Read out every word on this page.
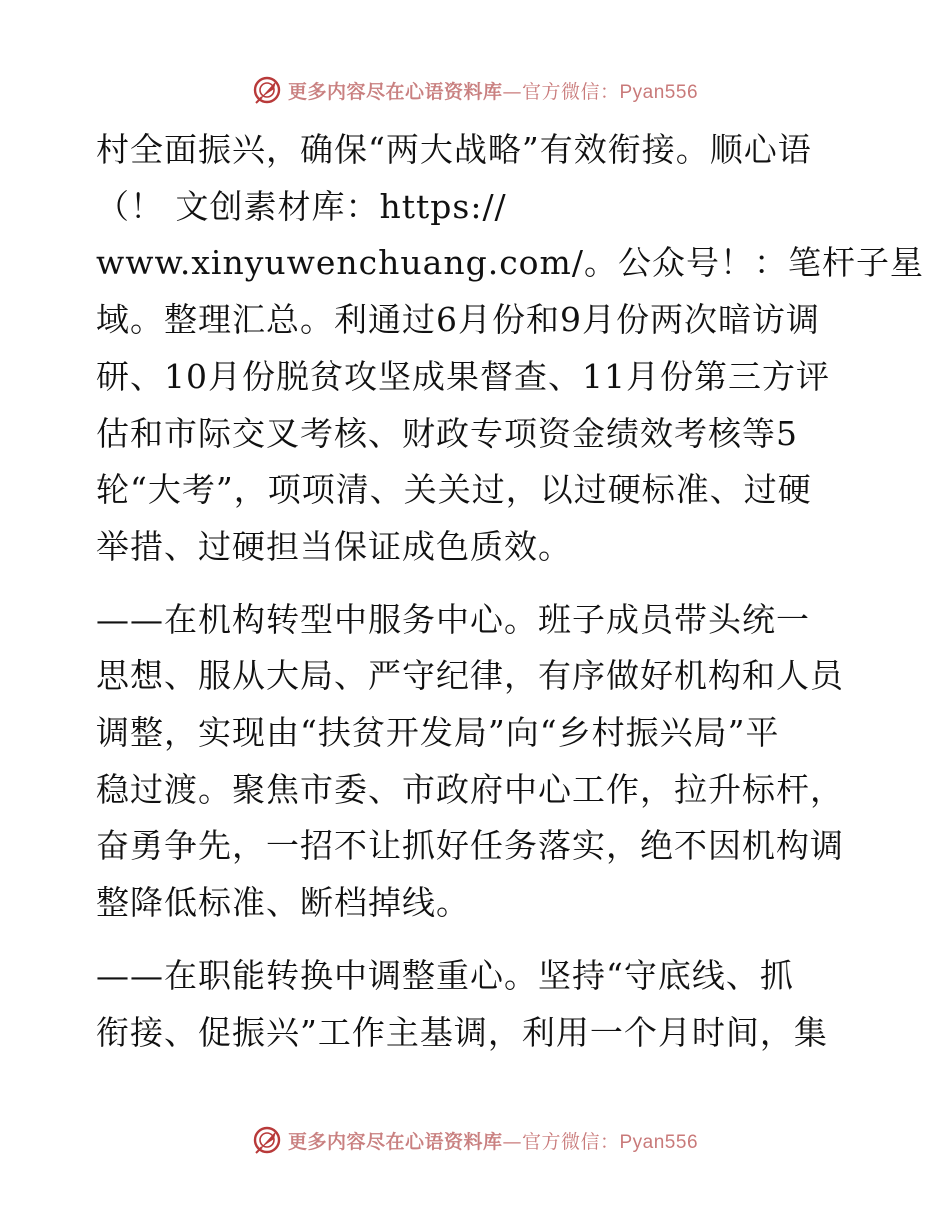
更多内容尽在心语资料库—官方微信：Pyan556

村全面振兴，确保“两大战略”有效衔接。顺心语
（！ 文创素材库：https://
www.xinyuwenchuang.com/。公众号！：笔杆子星
域。整理汇总。利通过6月份和9月份两次暗访调
研、10月份脱贫攻坚成果督查、11月份第三方评
估和市际交叉考核、财政专项资金绩效考核等5
轮“大考”，项项清、关关过，以过硬标准、过硬
举措、过硬担当保证成色质效。

——在机构转型中服务中心。班子成员带头统一
思想、服从大局、严守纪律，有序做好机构和人员
调整，实现由“扶贫开发局”向“乡村振兴局”平
稳过渡。聚焦市委、市政府中心工作，拉升标杆，
奋勇争先，一招不让抓好任务落实，绝不因机构调
整降低标准、断档掉线。

——在职能转换中调整重心。坚持“守底线、抓
衔接、促振兴”工作主基调，利用一个月时间，集

更多内容尽在心语资料库—官方微信：Pyan556
